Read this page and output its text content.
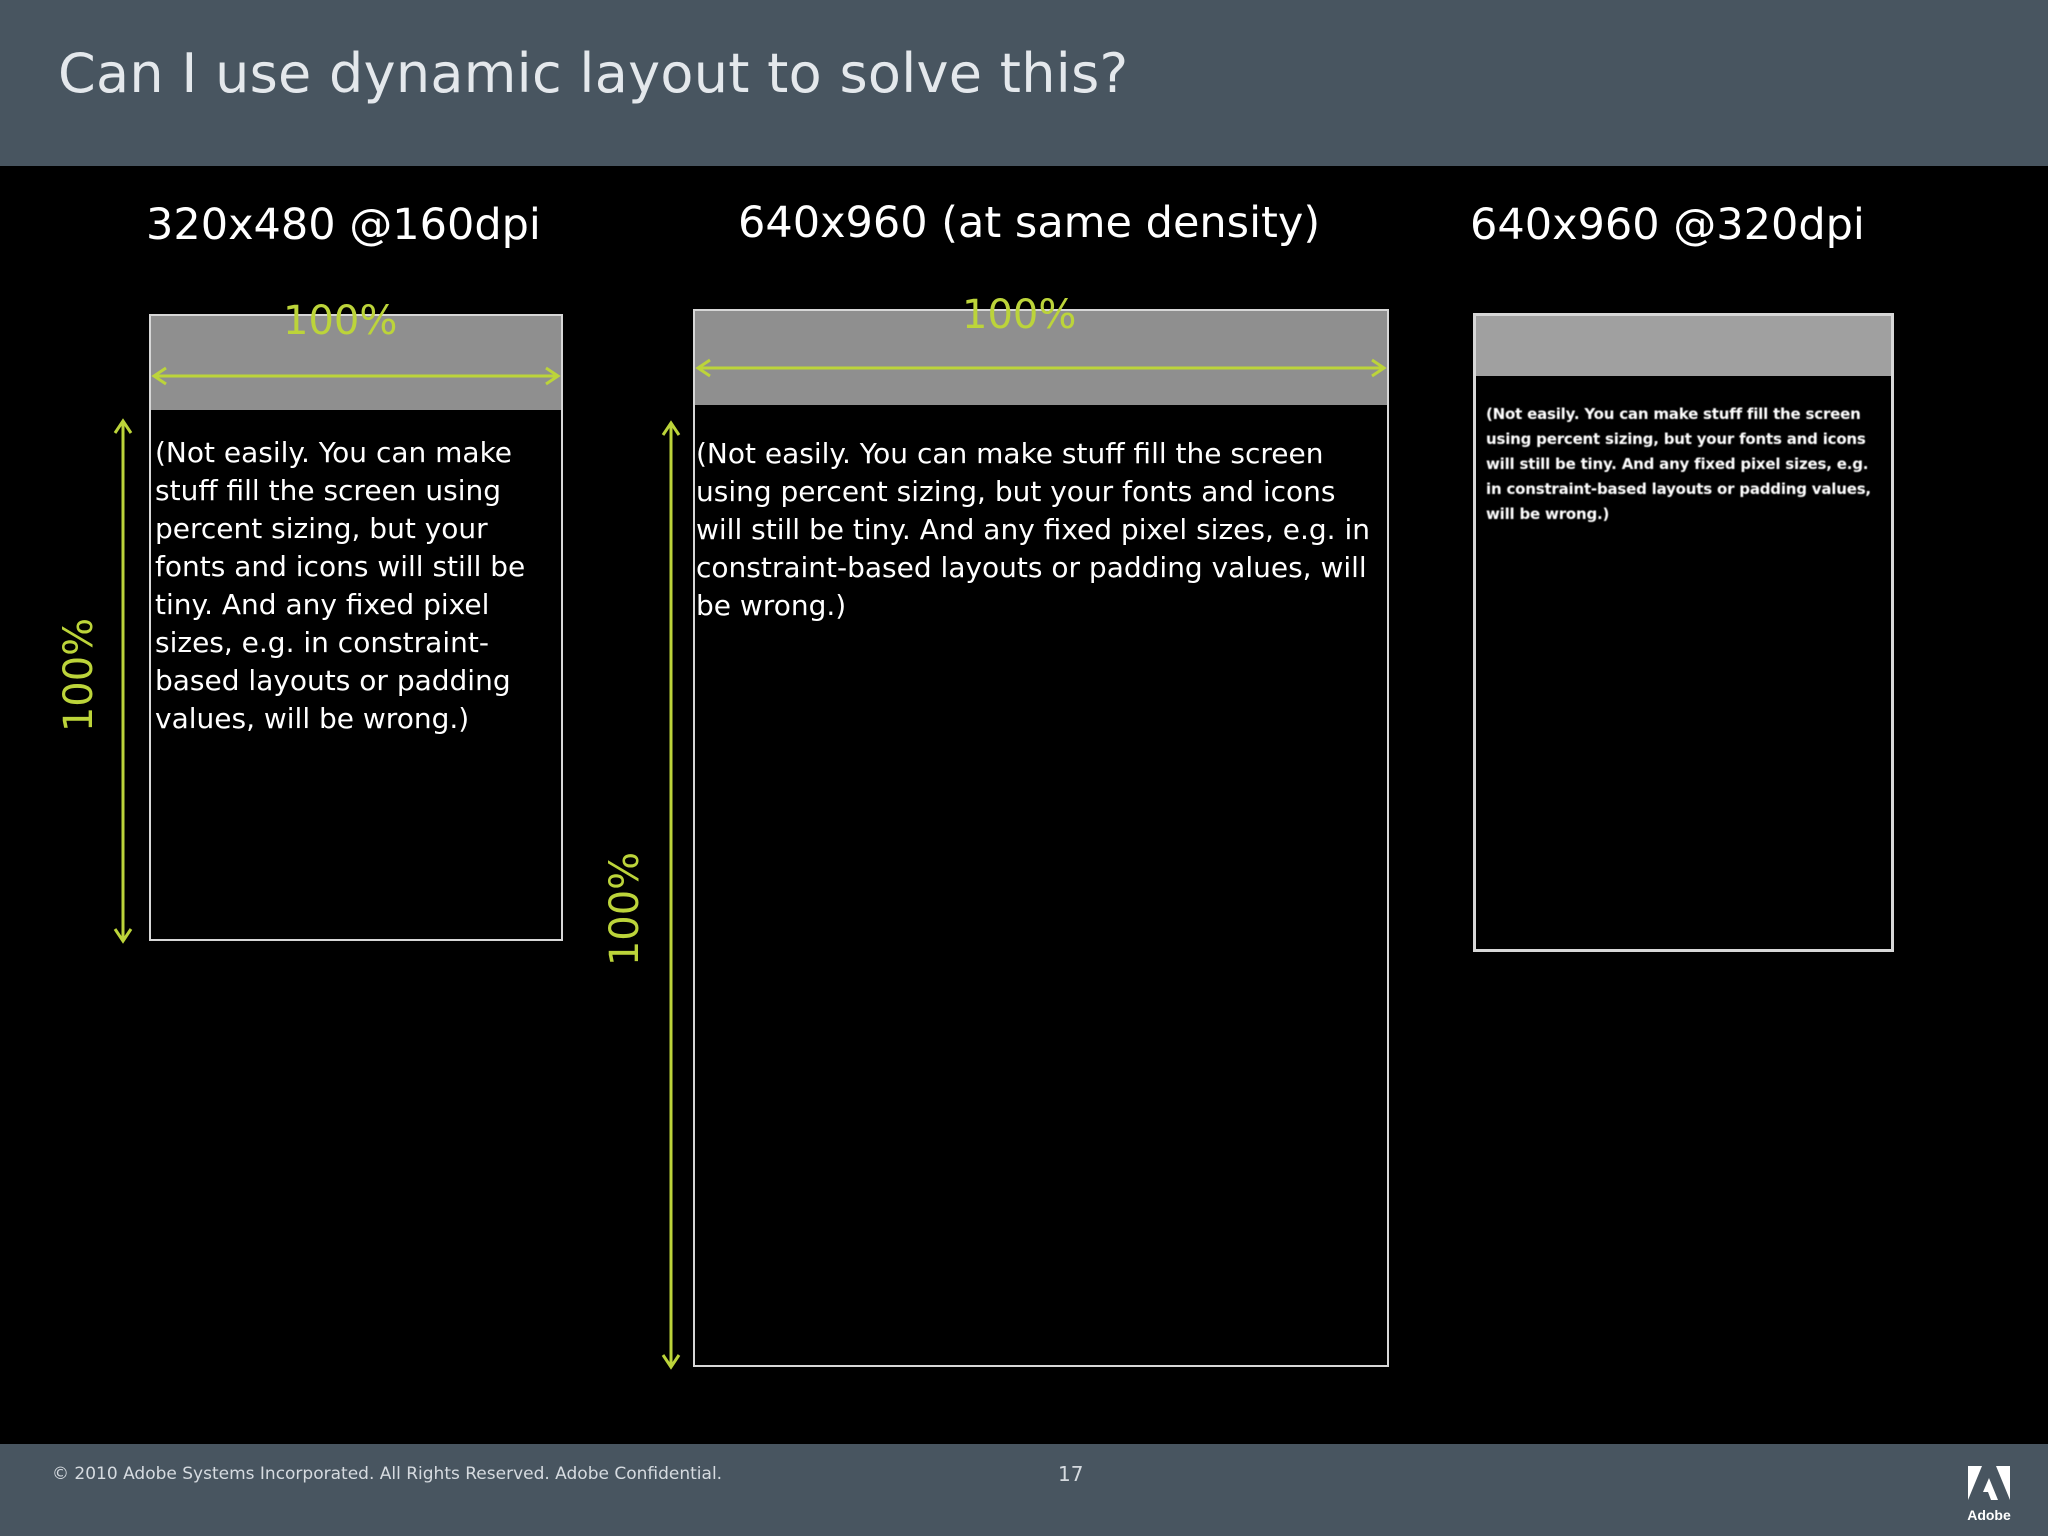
Can I use dynamic layout to solve this?
320x480 @160dpi
(Not easily. You can make stuff fill the screen using percent sizing, but your fonts and icons will still be tiny. And any fixed pixel sizes, e.g. in constraint-based layouts or padding values, will be wrong.)
100%
100%
640x960 (at same density)
(Not easily. You can make stuff fill the screen using percent sizing, but your fonts and icons will still be tiny. And any fixed pixel sizes, e.g. in constraint-based layouts or padding values, will be wrong.)
100%
100%
640x960 @320dpi
(Not easily. You can make stuff fill the screen using percent sizing, but your fonts and icons will still be tiny. And any fixed pixel sizes, e.g. in constraint-based layouts or padding values, will be wrong.)
© 2010 Adobe Systems Incorporated. All Rights Reserved. Adobe Confidential.	17
Adobe
